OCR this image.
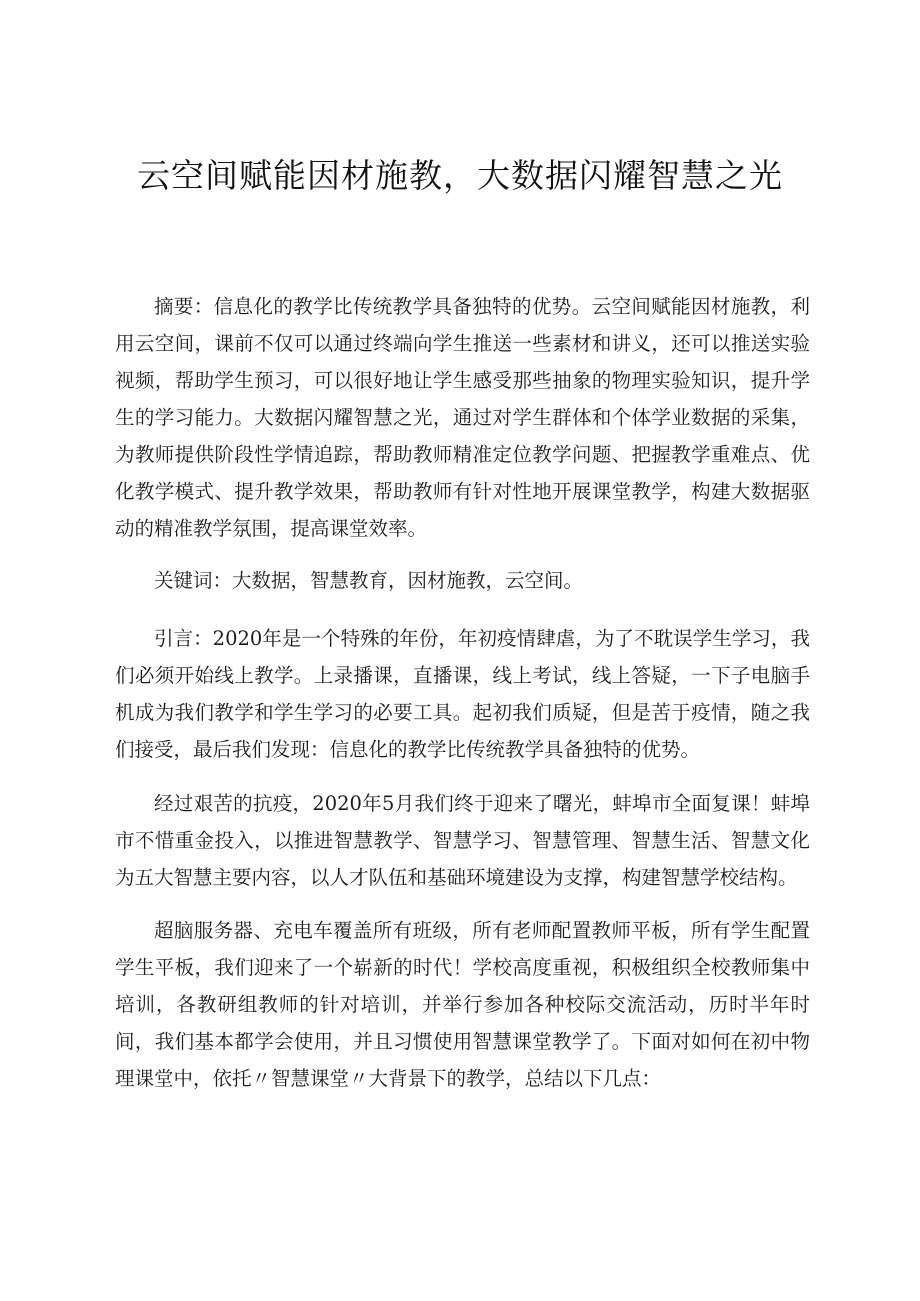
云空间赋能因材施教，大数据闪耀智慧之光

摘要：信息化的教学比传统教学具备独特的优势。云空间赋能因材施教，利用云空间，课前不仅可以通过终端向学生推送一些素材和讲义，还可以推送实验视频，帮助学生预习，可以很好地让学生感受那些抽象的物理实验知识，提升学生的学习能力。大数据闪耀智慧之光，通过对学生群体和个体学业数据的采集，为教师提供阶段性学情追踪，帮助教师精准定位教学问题、把握教学重难点、优化教学模式、提升教学效果，帮助教师有针对性地开展课堂教学，构建大数据驱动的精准教学氛围，提高课堂效率。

关键词：大数据，智慧教育，因材施教，云空间。

引言：2020年是一个特殊的年份，年初疫情肆虐，为了不耽误学生学习，我们必须开始线上教学。上录播课，直播课，线上考试，线上答疑，一下子电脑手机成为我们教学和学生学习的必要工具。起初我们质疑，但是苦于疫情，随之我们接受，最后我们发现：信息化的教学比传统教学具备独特的优势。

经过艰苦的抗疫，2020年5月我们终于迎来了曙光，蚌埠市全面复课！蚌埠市不惜重金投入，以推进智慧教学、智慧学习、智慧管理、智慧生活、智慧文化为五大智慧主要内容，以人才队伍和基础环境建设为支撑，构建智慧学校结构。

超脑服务器、充电车覆盖所有班级，所有老师配置教师平板，所有学生配置学生平板，我们迎来了一个崭新的时代！学校高度重视，积极组织全校教师集中培训，各教研组教师的针对培训，并举行参加各种校际交流活动，历时半年时间，我们基本都学会使用，并且习惯使用智慧课堂教学了。下面对如何在初中物理课堂中，依托〃智慧课堂〃大背景下的教学，总结以下几点：
